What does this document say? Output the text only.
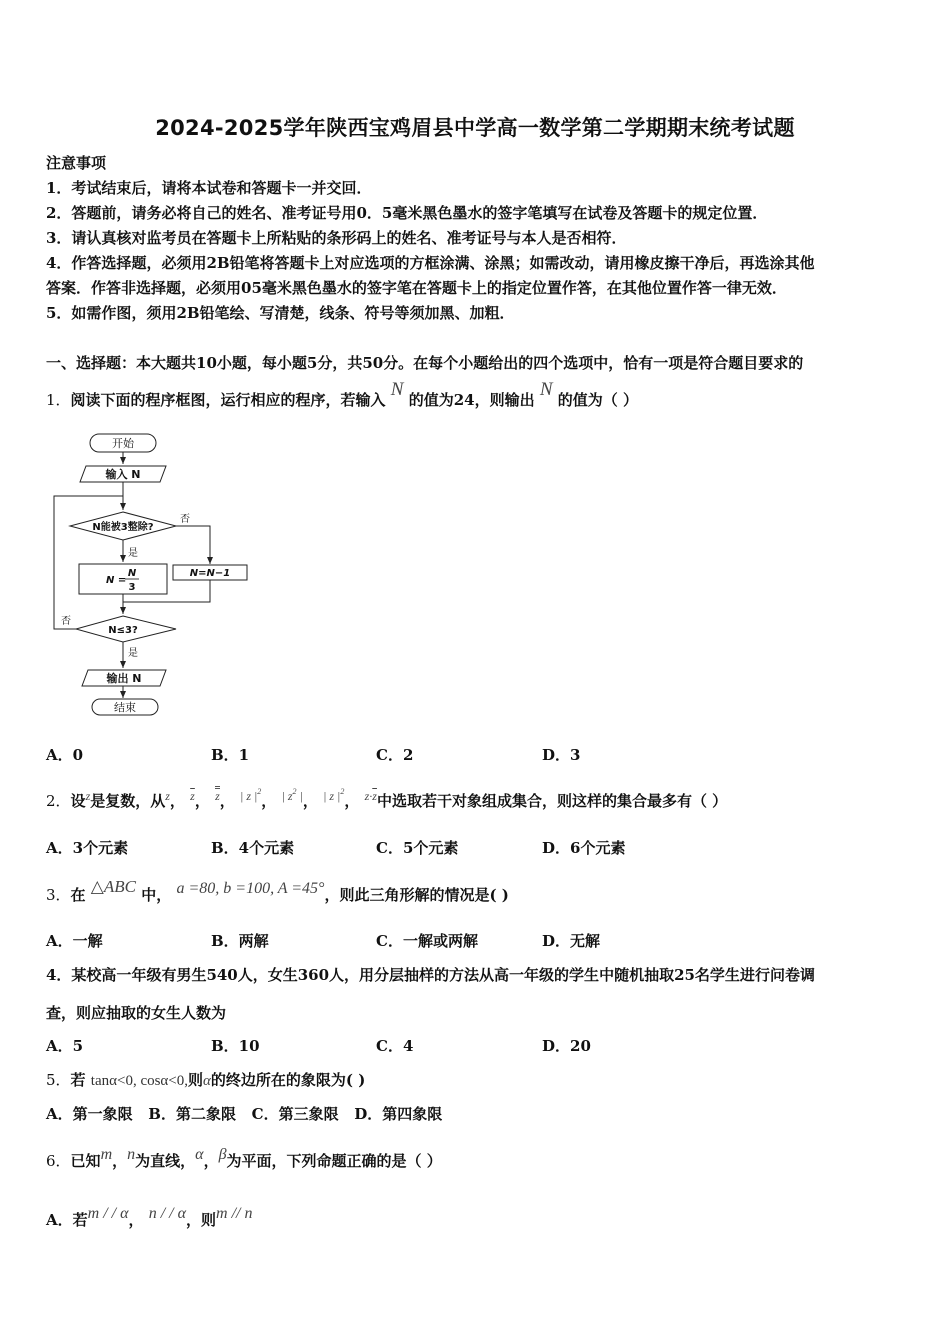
2024-2025学年陕西宝鸡眉县中学高一数学第二学期期末统考试题
注意事项
1．考试结束后，请将本试卷和答题卡一并交回．
2．答题前，请务必将自己的姓名、准考证号用0．5毫米黑色墨水的签字笔填写在试卷及答题卡的规定位置．
3．请认真核对监考员在答题卡上所粘贴的条形码上的姓名、准考证号与本人是否相符．
4．作答选择题，必须用2B铅笔将答题卡上对应选项的方框涂满、涂黑；如需改动，请用橡皮擦干净后，再选涂其他
答案．作答非选择题，必须用05毫米黑色墨水的签字笔在答题卡上的指定位置作答，在其他位置作答一律无效．
5．如需作图，须用2B铅笔绘、写清楚，线条、符号等须加黑、加粗．
一、选择题：本大题共10小题，每小题5分，共50分。在每个小题给出的四个选项中，恰有一项是符合题目要求的
1．阅读下面的程序框图，运行相应的程序，若输入 N 的值为24，则输出 N 的值为（ ）
开始
输入 N
N能被3整除?
否
是
N =
N
3
N=N−1
否
N≤3?
是
输出 N
结束
A．0	B．1	C．2	D．3
2．设$^z$是复数，从$^z$， $^{\overline{z}}$， $^z$， $^{| z |2}$， $^{| z2}$ |， $^{| z |2}$， $^{z\cdot\overline{z}}$中选取若干对象组成集合，则这样的集合最多有（ ）
A．3个元素	B．4个元素	C．5个元素	D．6个元素
3．在 △ABC 中， a =80, b =100, A =45°，则此三角形解的情况是( )
A．一解	B．两解	C．一解或两解	D．无解
4．某校高一年级有男生540人，女生360人，用分层抽样的方法从高一年级的学生中随机抽取25名学生进行问卷调
查，则应抽取的女生人数为
A．5	B．10	C．4	D．20
5．若 tanα<0, cosα<0,则α的终边所在的象限为( )
A．第一象限   B．第二象限   C．第三象限   D．第四象限
6．已知m，n为直线，α，β为平面，下列命题正确的是（ ）
A．若m / / α， n / / α，则m // n
